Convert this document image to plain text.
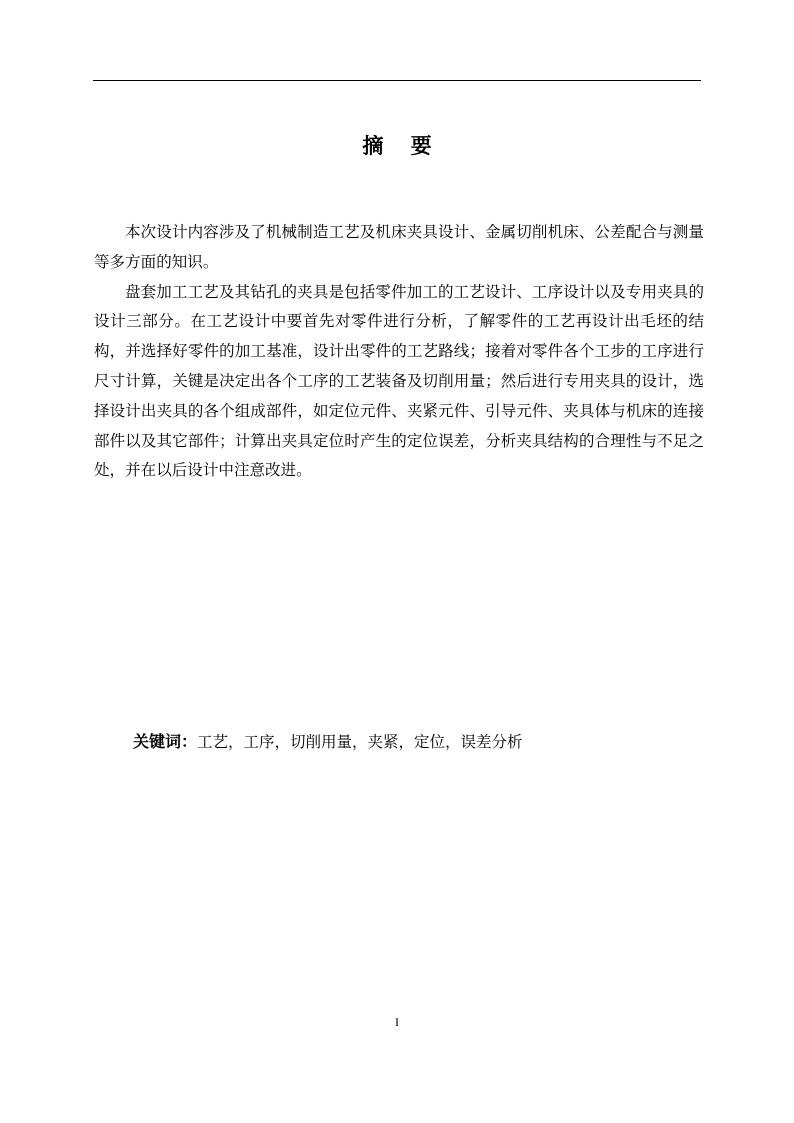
摘 要

本次设计内容涉及了机械制造工艺及机床夹具设计、金属切削机床、公差配合与测量等多方面的知识。

盘套加工工艺及其钻孔的夹具是包括零件加工的工艺设计、工序设计以及专用夹具的设计三部分。在工艺设计中要首先对零件进行分析，了解零件的工艺再设计出毛坯的结构，并选择好零件的加工基准，设计出零件的工艺路线；接着对零件各个工步的工序进行尺寸计算，关键是决定出各个工序的工艺装备及切削用量；然后进行专用夹具的设计，选择设计出夹具的各个组成部件，如定位元件、夹紧元件、引导元件、夹具体与机床的连接部件以及其它部件；计算出夹具定位时产生的定位误差，分析夹具结构的合理性与不足之处，并在以后设计中注意改进。

关键词：工艺，工序，切削用量，夹紧，定位，误差分析
I
